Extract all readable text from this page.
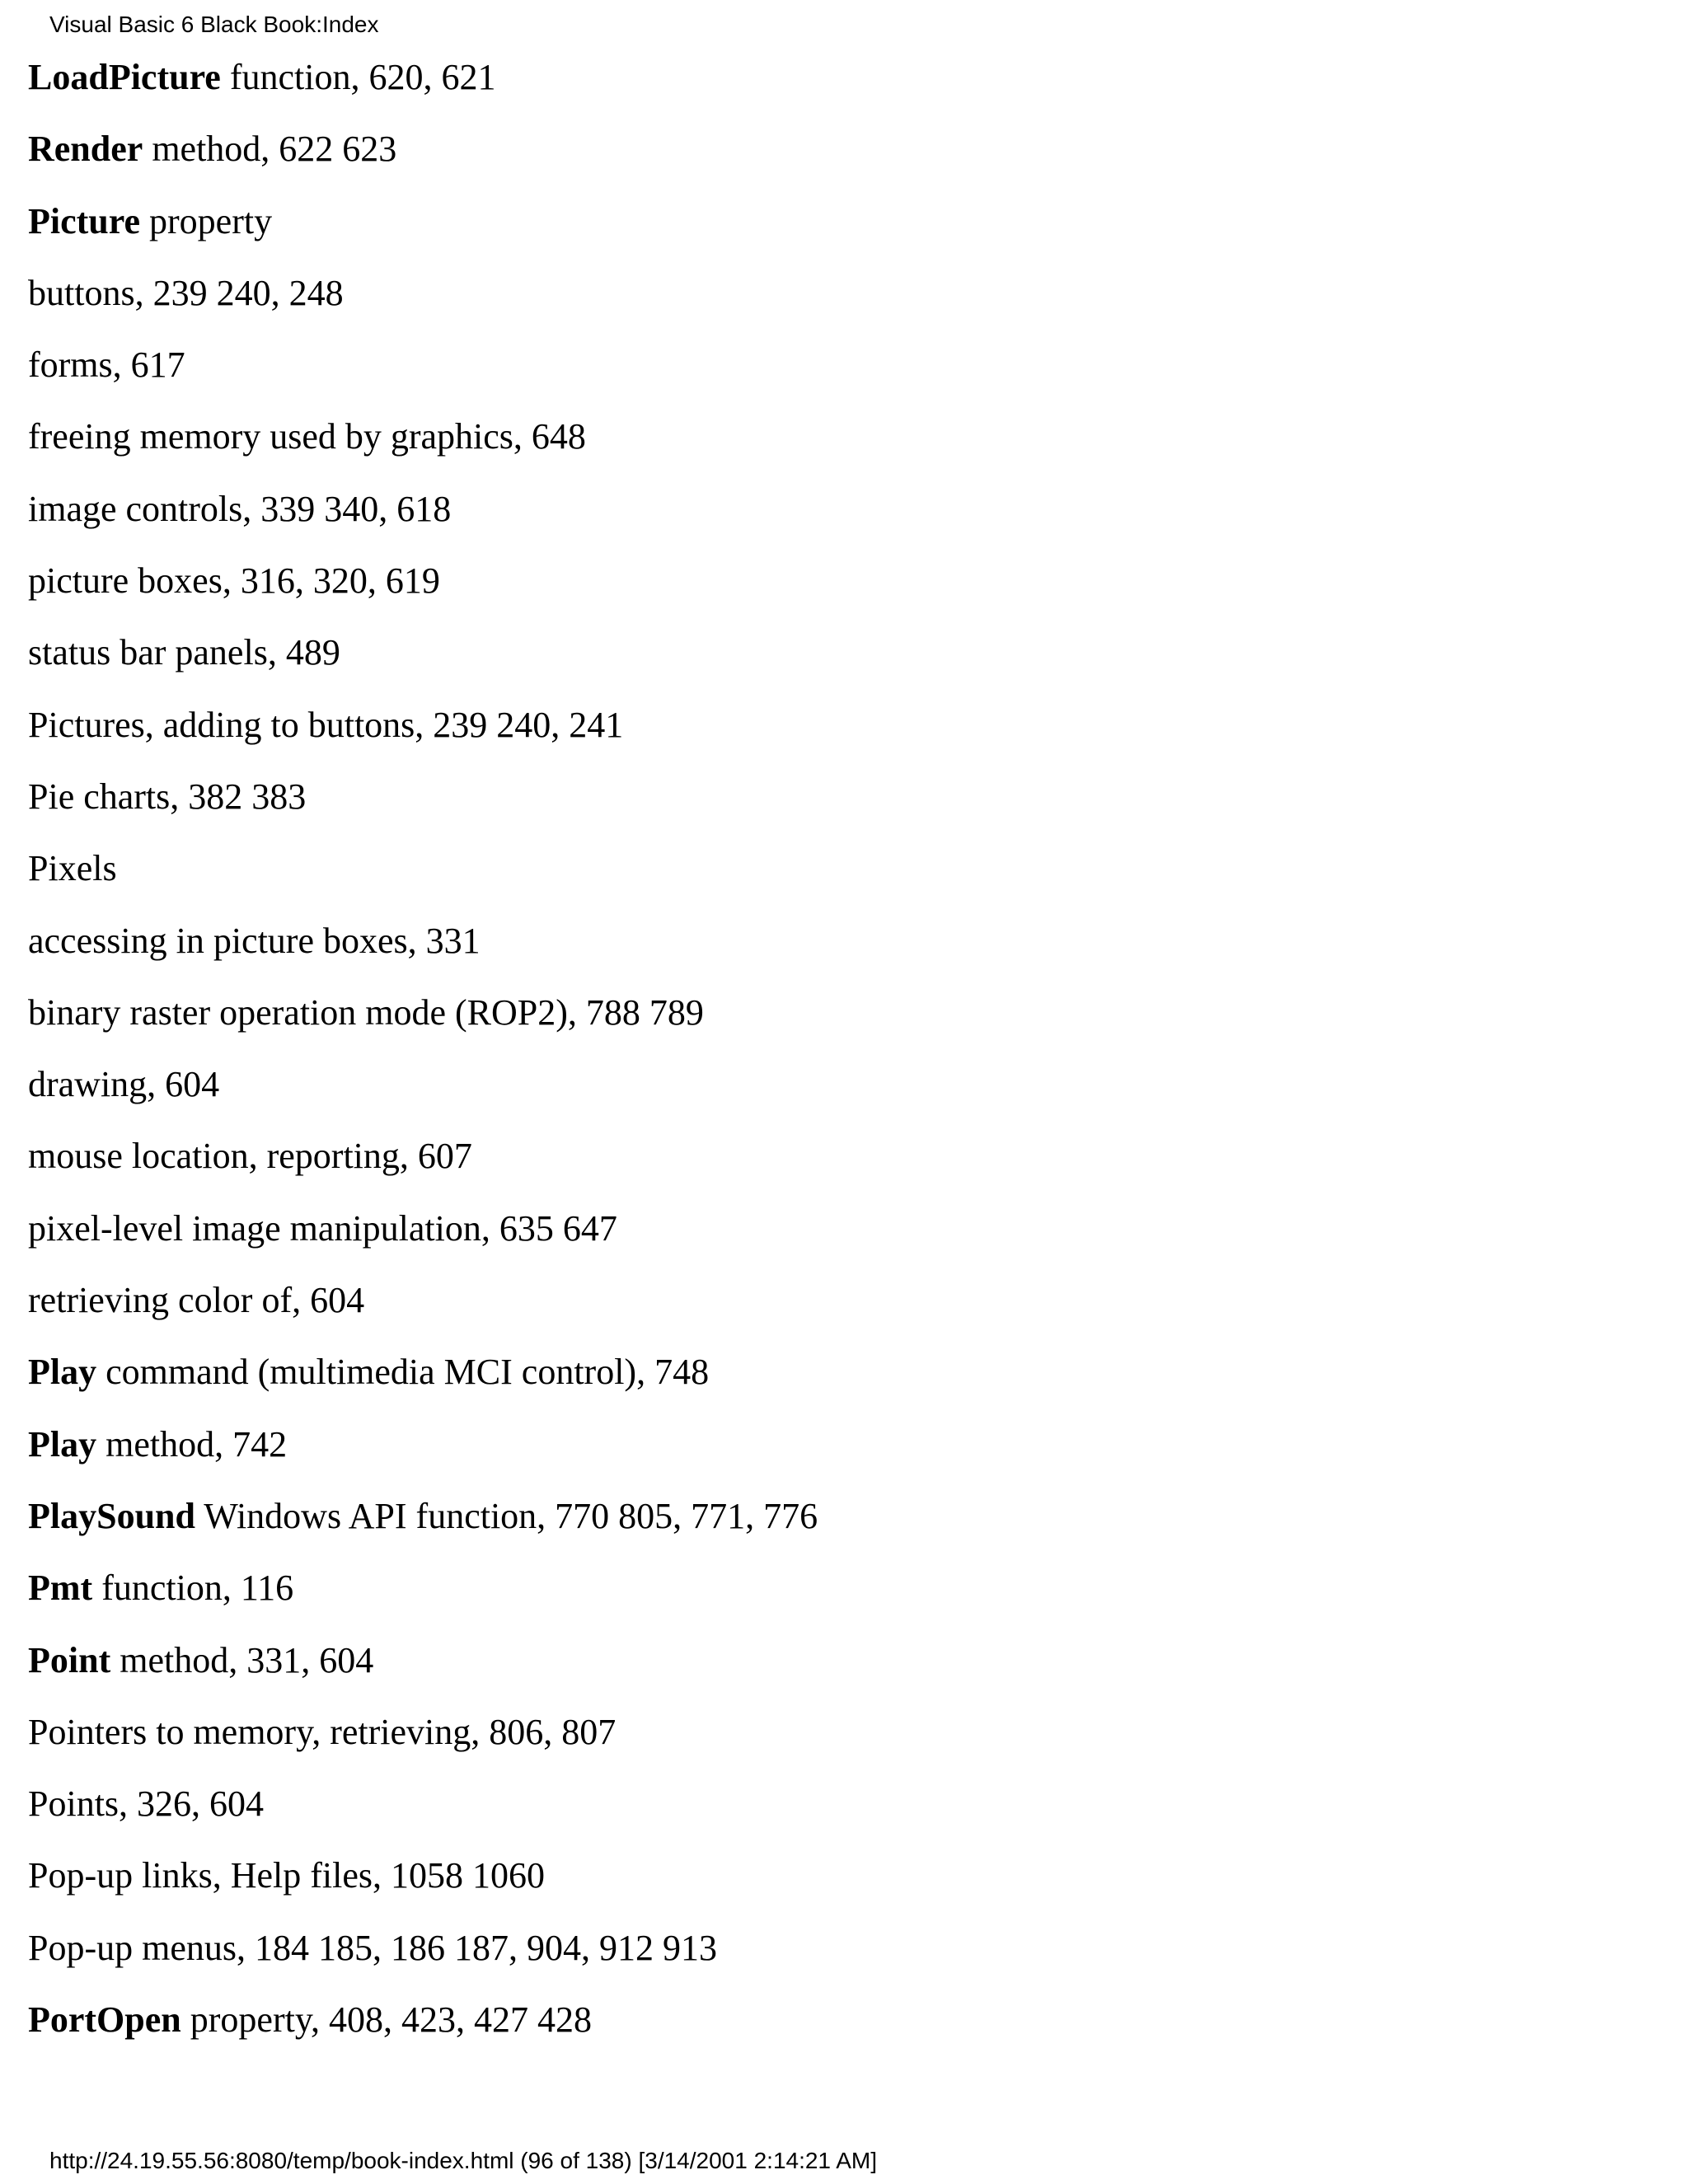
Visual Basic 6 Black Book:Index
LoadPicture function, 620, 621
Render method, 622 623
Picture property
buttons, 239 240, 248
forms, 617
freeing memory used by graphics, 648
image controls, 339 340, 618
picture boxes, 316, 320, 619
status bar panels, 489
Pictures, adding to buttons, 239 240, 241
Pie charts, 382 383
Pixels
accessing in picture boxes, 331
binary raster operation mode (ROP2), 788 789
drawing, 604
mouse location, reporting, 607
pixel-level image manipulation, 635 647
retrieving color of, 604
Play command (multimedia MCI control), 748
Play method, 742
PlaySound Windows API function, 770 805, 771, 776
Pmt function, 116
Point method, 331, 604
Pointers to memory, retrieving, 806, 807
Points, 326, 604
Pop-up links, Help files, 1058 1060
Pop-up menus, 184 185, 186 187, 904, 912 913
PortOpen property, 408, 423, 427 428
http://24.19.55.56:8080/temp/book-index.html (96 of 138) [3/14/2001 2:14:21 AM]
